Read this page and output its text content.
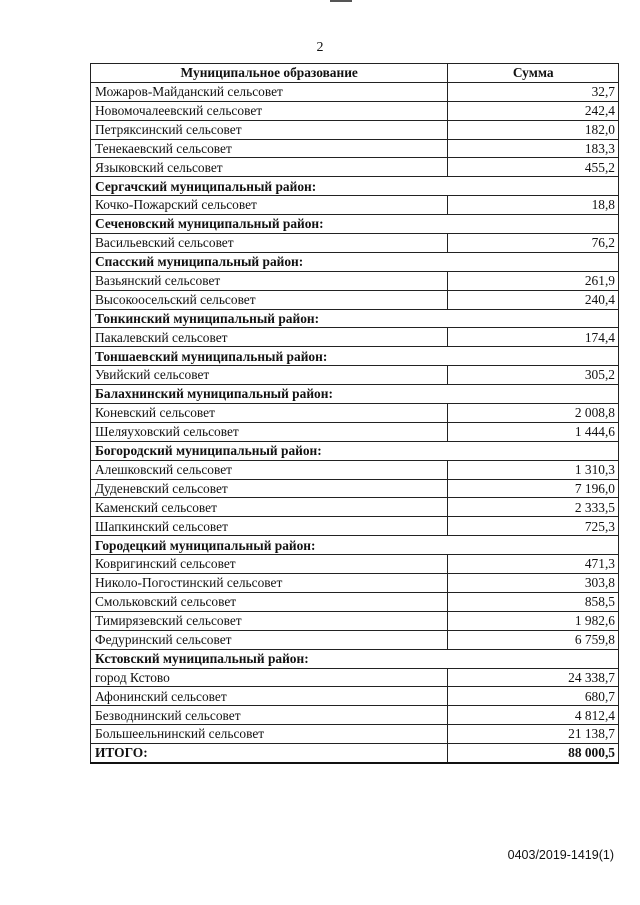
2
Муниципальное образование	Сумма
Можаров-Майданский сельсовет	32,7
Новомочалеевский сельсовет	242,4
Петряксинский сельсовет	182,0
Тенекаевский сельсовет	183,3
Языковский сельсовет	455,2
Сергачский муниципальный район:	
Кочко-Пожарский сельсовет	18,8
Сеченовский муниципальный район:	
Васильевский сельсовет	76,2
Спасский муниципальный район:	
Вазьянский сельсовет	261,9
Высокоосельский сельсовет	240,4
Тонкинский муниципальный район:	
Пакалевский сельсовет	174,4
Тоншаевский муниципальный район:	
Увийский сельсовет	305,2
Балахнинский муниципальный район:	
Коневский сельсовет	2 008,8
Шеляуховский сельсовет	1 444,6
Богородский муниципальный район:	
Алешковский сельсовет	1 310,3
Дуденевский сельсовет	7 196,0
Каменский сельсовет	2 333,5
Шапкинский сельсовет	725,3
Городецкий муниципальный район:	
Ковригинский сельсовет	471,3
Николо-Погостинский сельсовет	303,8
Смольковский сельсовет	858,5
Тимирязевский сельсовет	1 982,6
Федуринский сельсовет	6 759,8
Кстовский муниципальный район:	
город Кстово	24 338,7
Афонинский сельсовет	680,7
Безводнинский сельсовет	4 812,4
Большеельнинский сельсовет	21 138,7
ИТОГО:	88 000,5
0403/2019-1419(1)
